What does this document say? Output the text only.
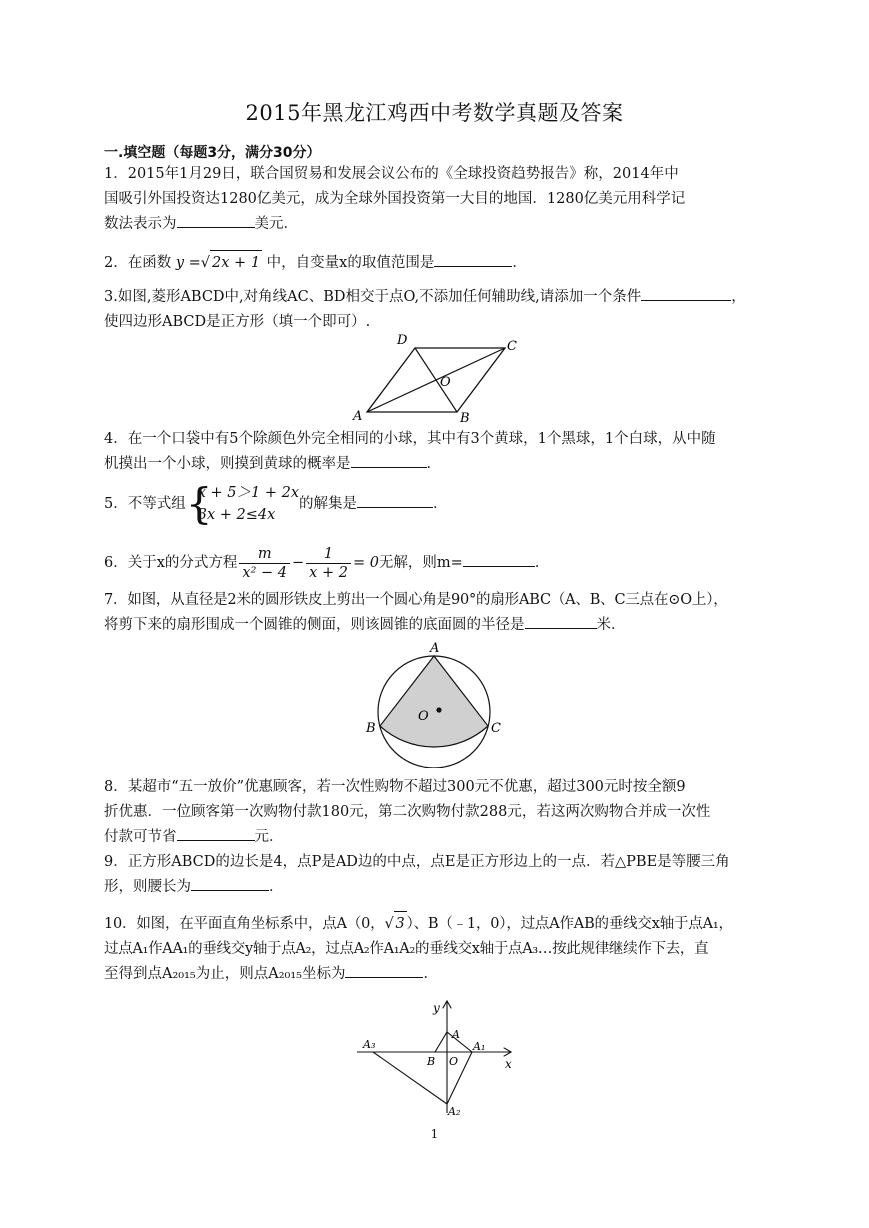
2015年黑龙江鸡西中考数学真题及答案
一.填空题（每题3分，满分30分）
1．2015年1月29日，联合国贸易和发展会议公布的《全球投资趋势报告》称，2014年中
国吸引外国投资达1280亿美元，成为全球外国投资第一大目的地国．1280亿美元用科学记
数法表示为	美元．
2．在函数 y =√ 2x + 1 中，自变量x的取值范围是	．
3.如图,菱形ABCD中,对角线AC、BD相交于点O,不添加任何辅助线,请添加一个条件	，
使四边形ABCD是正方形（填一个即可）.
D	C
O
A	B
4．在一个口袋中有5个除颜色外完全相同的小球，其中有3个黄球，1个黑球，1个白球，从中随
机摸出一个小球，则摸到黄球的概率是	．
5．不等式组 {
x + 5＞1 + 2x
3x + 2≤4x
的解集是	．
6．关于x的分式方程 $\frac{m}{\text{x² − 4}} - \frac{1}{x + 2} = 0$无解，则m=	．
7．如图，从直径是2米的圆形铁皮上剪出一个圆心角是90°的扇形ABC（A、B、C三点在⊙O上），
将剪下来的扇形围成一个圆锥的侧面，则该圆锥的底面圆的半径是	米．
A
B	C
O
8．某超市“五一放价”优惠顾客，若一次性购物不超过300元不优惠，超过300元时按全额9
折优惠．一位顾客第一次购物付款180元，第二次购物付款288元，若这两次购物合并成一次性
付款可节省	元．
9．正方形ABCD的边长是4，点P是AD边的中点，点E是正方形边上的一点．若△PBE是等腰三角
形，则腰长为	．
10．如图，在平面直角坐标系中，点A（0，√ 3 ）、B（﹣1，0），过点A作AB的垂线交x轴于点A₁，
过点A₁作AA₁的垂线交y轴于点A₂，过点A₂作A₁A₂的垂线交x轴于点A₃…按此规律继续作下去，直
至得到点A₂₀₁₅为止，则点A₂₀₁₅坐标为	．
y
x
A
A₁
A₂
A₃
B O
1
